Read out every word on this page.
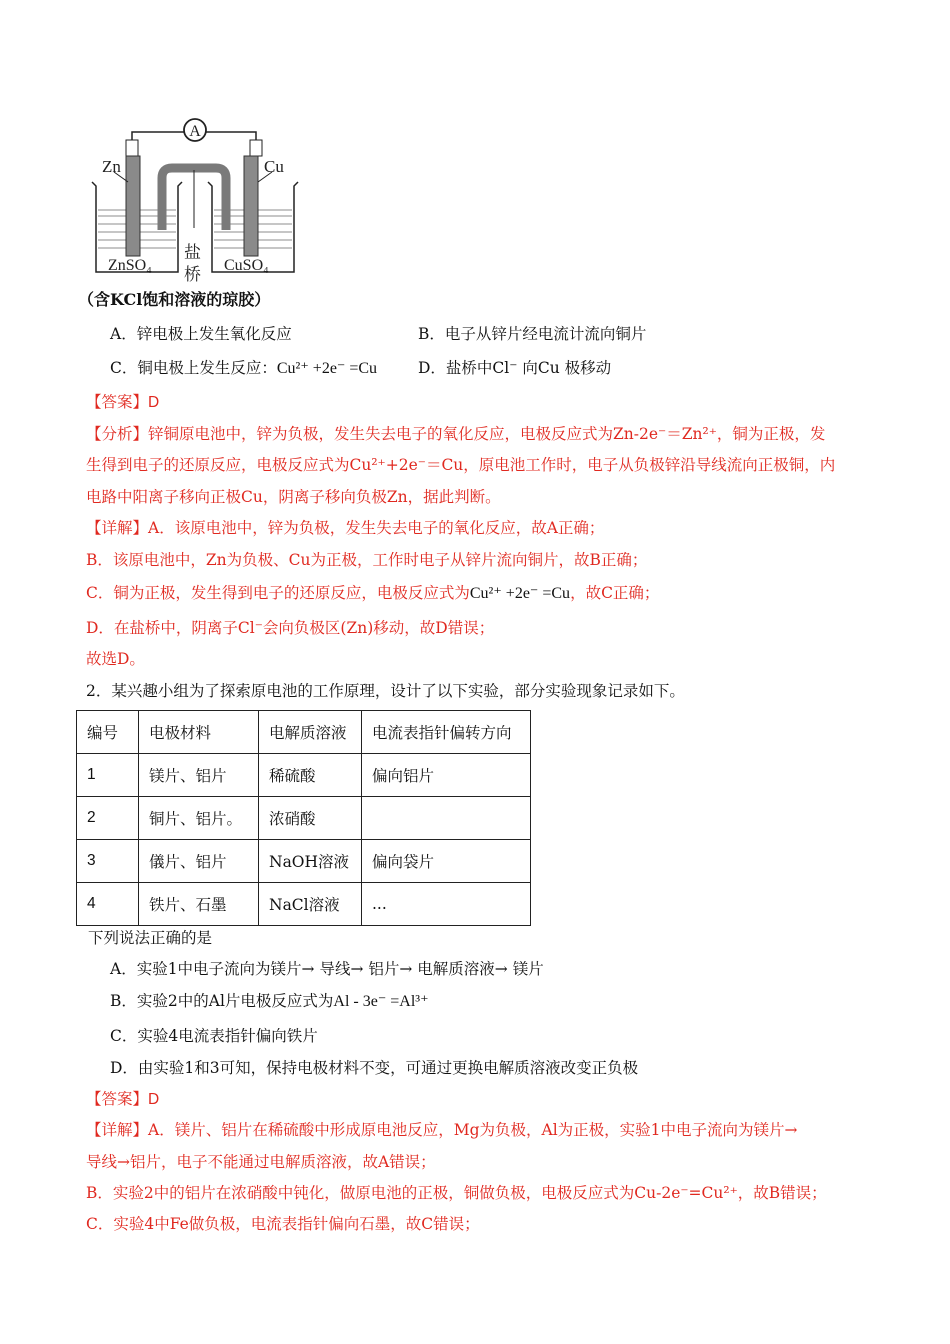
A
Zn	Cu
盐
桥
ZnSO₄	CuSO₄
（含KCl饱和溶液的琼胶）
A．锌电极上发生氧化反应	B．电子从锌片经电流计流向铜片
C．铜电极上发生反应：Cu²⁺ +2e⁻ =Cu	D．盐桥中Cl⁻ 向Cu 极移动
【答案】D
【分析】锌铜原电池中，锌为负极，发生失去电子的氧化反应，电极反应式为Zn-2e⁻＝Zn²⁺，铜为正极，发
生得到电子的还原反应，电极反应式为Cu²⁺+2e⁻＝Cu，原电池工作时，电子从负极锌沿导线流向正极铜，内
电路中阳离子移向正极Cu，阴离子移向负极Zn，据此判断。
【详解】A．该原电池中，锌为负极，发生失去电子的氧化反应，故A正确；
B．该原电池中，Zn为负极、Cu为正极，工作时电子从锌片流向铜片，故B正确；
C．铜为正极，发生得到电子的还原反应，电极反应式为Cu²⁺ +2e⁻ =Cu，故C正确；
D．在盐桥中，阴离子Cl⁻会向负极区(Zn)移动，故D错误；
故选D。
2．某兴趣小组为了探索原电池的工作原理，设计了以下实验，部分实验现象记录如下。
编号	电极材料	电解质溶液	电流表指针偏转方向
1	镁片、铝片	稀硫酸	偏向铝片
2	铜片、铝片。	浓硝酸	
3	儀片、铝片	NaOH溶液	偏向袋片
4	铁片、石墨	NaCl溶液	...
下列说法正确的是
A．实验1中电子流向为镁片→ 导线→ 铝片→ 电解质溶液→ 镁片
B．实验2中的Al片电极反应式为Al - 3e⁻ =Al³⁺
C．实验4电流表指针偏向铁片
D．由实验1和3可知，保持电极材料不变，可通过更换电解质溶液改变正负极
【答案】D
【详解】A．镁片、铝片在稀硫酸中形成原电池反应，Mg为负极，Al为正极，实验1中电子流向为镁片→
导线→铝片，电子不能通过电解质溶液，故A错误；
B．实验2中的铝片在浓硝酸中钝化，做原电池的正极，铜做负极，电极反应式为Cu-2e⁻=Cu²⁺，故B错误；
C．实验4中Fe做负极，电流表指针偏向石墨，故C错误；
